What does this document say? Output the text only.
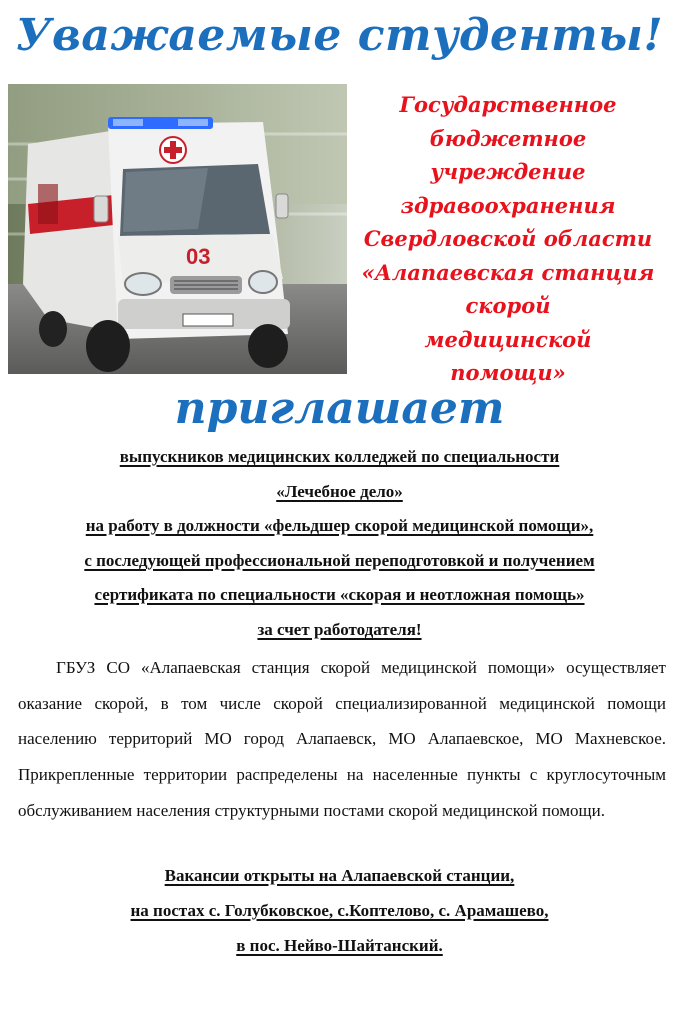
Уважаемые студенты!
03
Государственное
бюджетное учреждение
здравоохранения
Свердловской области
«Алапаевская станция
скорой
медицинской
помощи»
приглашает
выпускников медицинских колледжей по специальности
«Лечебное дело»
на работу в должности «фельдшер скорой медицинской помощи»,
с последующей профессиональной переподготовкой и получением
сертификата по специальности «скорая и неотложная помощь»
за счет работодателя!
ГБУЗ СО «Алапаевская станция скорой медицинской помощи» осуществляет оказание скорой, в том числе скорой специализированной медицинской помощи населению территорий МО город Алапаевск, МО Алапаевское, МО Махневское. Прикрепленные территории распределены на населенные пункты с круглосуточным обслуживанием населения структурными постами скорой медицинской помощи.
Вакансии открыты на Алапаевской станции,
на постах с. Голубковское, с.Коптелово, с. Арамашево,
в пос. Нейво-Шайтанский.
